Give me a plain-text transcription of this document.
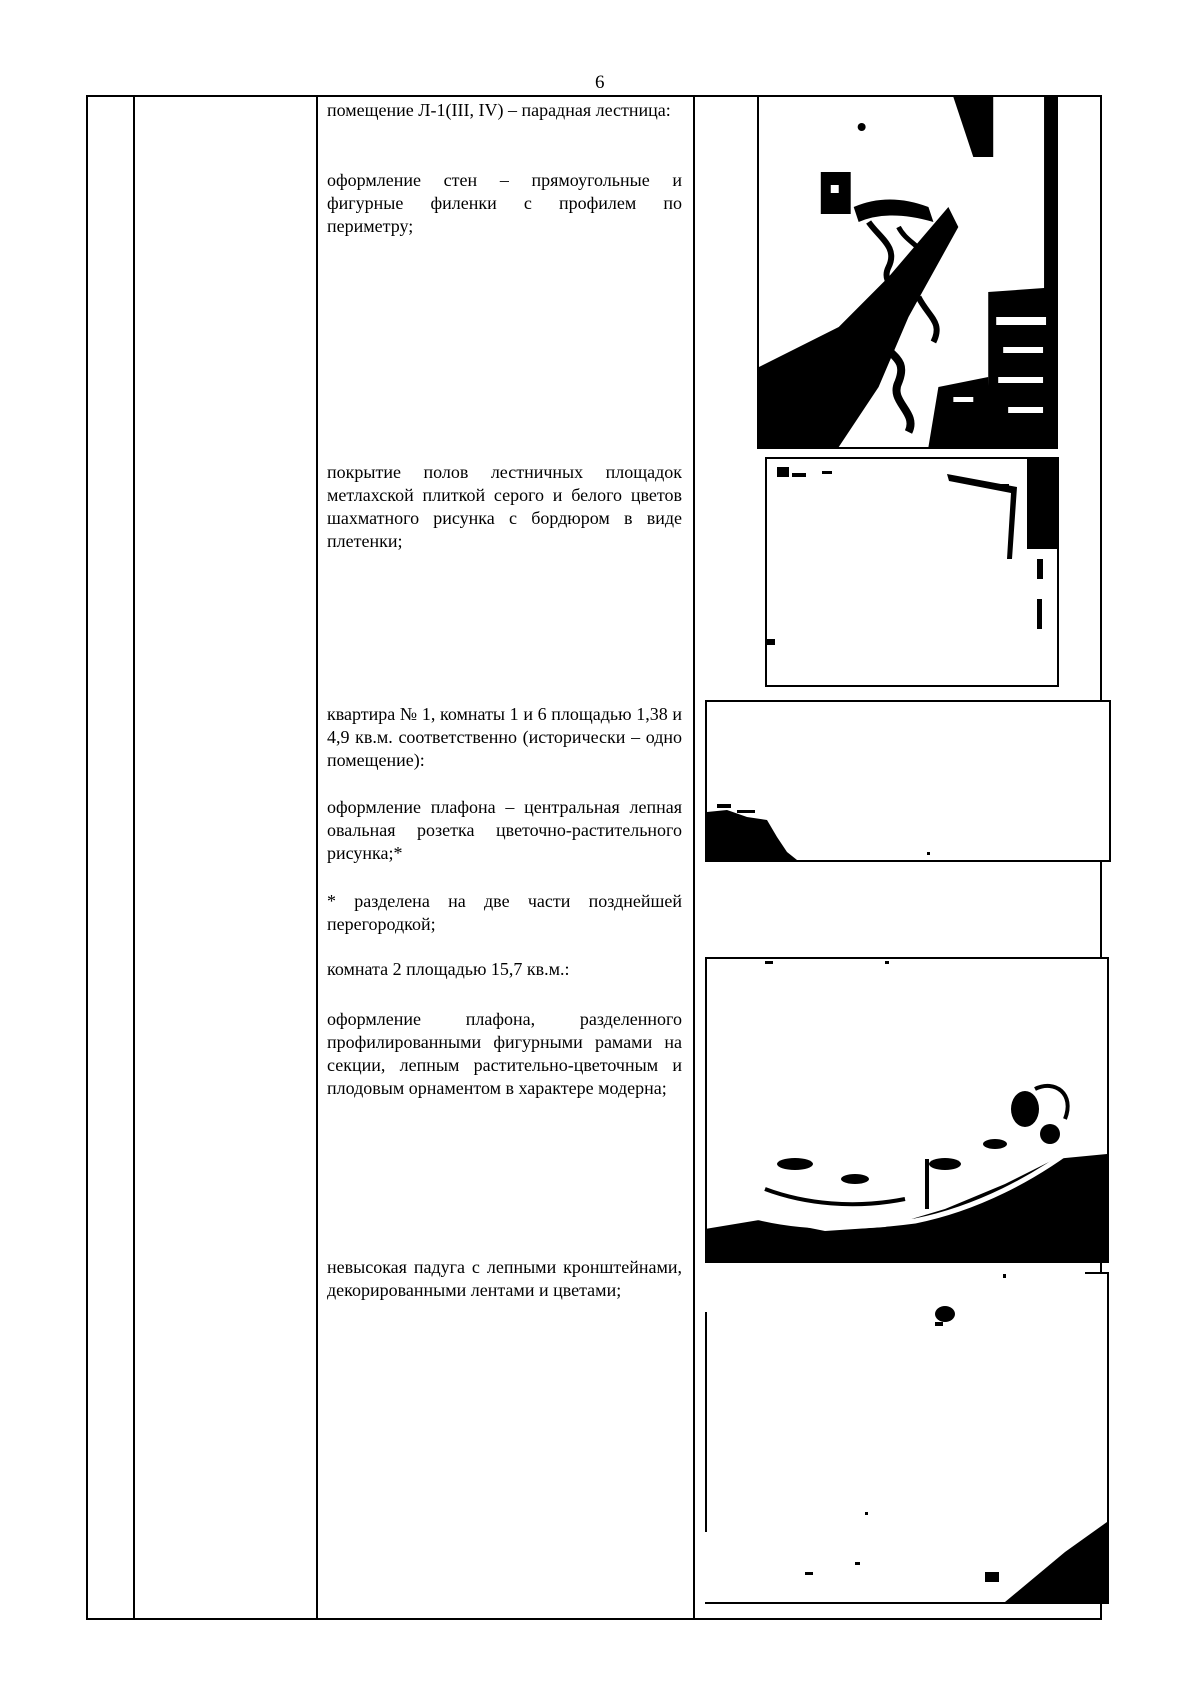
6

помещение Л-1(III, IV) – парадная лестница:

оформление стен – прямоугольные и фигурные филенки с профилем по периметру;

покрытие полов лестничных площадок метлахской плиткой серого и белого цветов шахматного рисунка с бордюром в виде плетенки;

квартира № 1, комнаты 1 и 6 площадью 1,38 и 4,9 кв.м. соответственно (исторически – одно помещение):

оформление плафона – центральная лепная овальная розетка цветочно-растительного рисунка;*

* разделена на две части позднейшей перегородкой;

комната 2 площадью 15,7 кв.м.:

оформление плафона, разделенного профилированными фигурными рамами на секции, лепным растительно-цветочным и плодовым орнаментом в характере модерна;

невысокая падуга с лепными кронштейнами, декорированными лентами и цветами;
